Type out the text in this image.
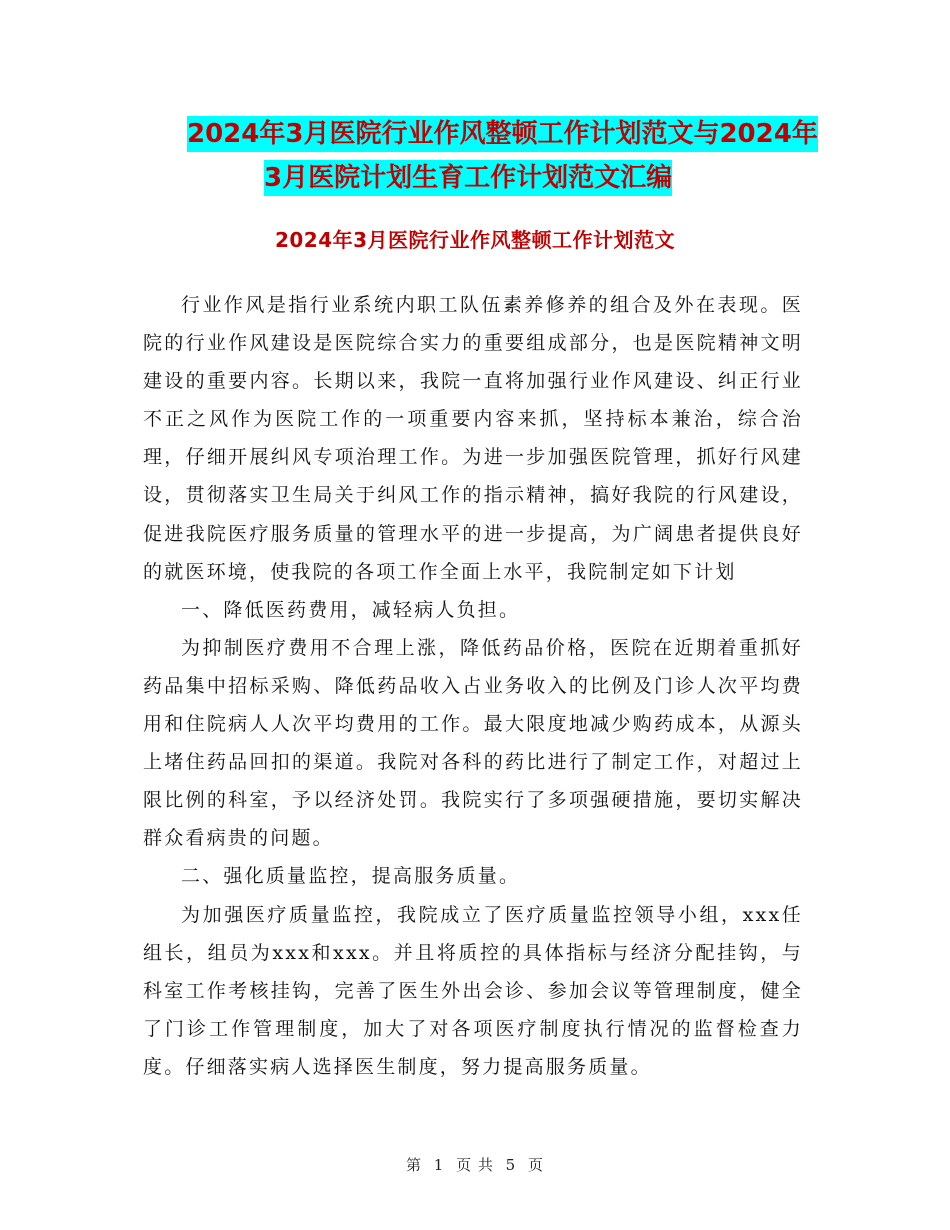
2024年3月医院行业作风整顿工作计划范文与2024年
3月医院计划生育工作计划范文汇编
2024年3月医院行业作风整顿工作计划范文

行业作风是指行业系统内职工队伍素养修养的组合及外在表现。医院的行业作风建设是医院综合实力的重要组成部分，也是医院精神文明建设的重要内容。长期以来，我院一直将加强行业作风建设、纠正行业不正之风作为医院工作的一项重要内容来抓，坚持标本兼治，综合治理，仔细开展纠风专项治理工作。为进一步加强医院管理，抓好行风建设，贯彻落实卫生局关于纠风工作的指示精神，搞好我院的行风建设，促进我院医疗服务质量的管理水平的进一步提高，为广阔患者提供良好的就医环境，使我院的各项工作全面上水平，我院制定如下计划

一、降低医药费用，减轻病人负担。

为抑制医疗费用不合理上涨，降低药品价格，医院在近期着重抓好药品集中招标采购、降低药品收入占业务收入的比例及门诊人次平均费用和住院病人人次平均费用的工作。最大限度地减少购药成本，从源头上堵住药品回扣的渠道。我院对各科的药比进行了制定工作，对超过上限比例的科室，予以经济处罚。我院实行了多项强硬措施，要切实解决群众看病贵的问题。

二、强化质量监控，提高服务质量。

为加强医疗质量监控，我院成立了医疗质量监控领导小组，xxx任组长，组员为xxx和xxx。并且将质控的具体指标与经济分配挂钩，与科室工作考核挂钩，完善了医生外出会诊、参加会议等管理制度，健全了门诊工作管理制度，加大了对各项医疗制度执行情况的监督检查力度。仔细落实病人选择医生制度，努力提高服务质量。

第 1 页 共 5 页
